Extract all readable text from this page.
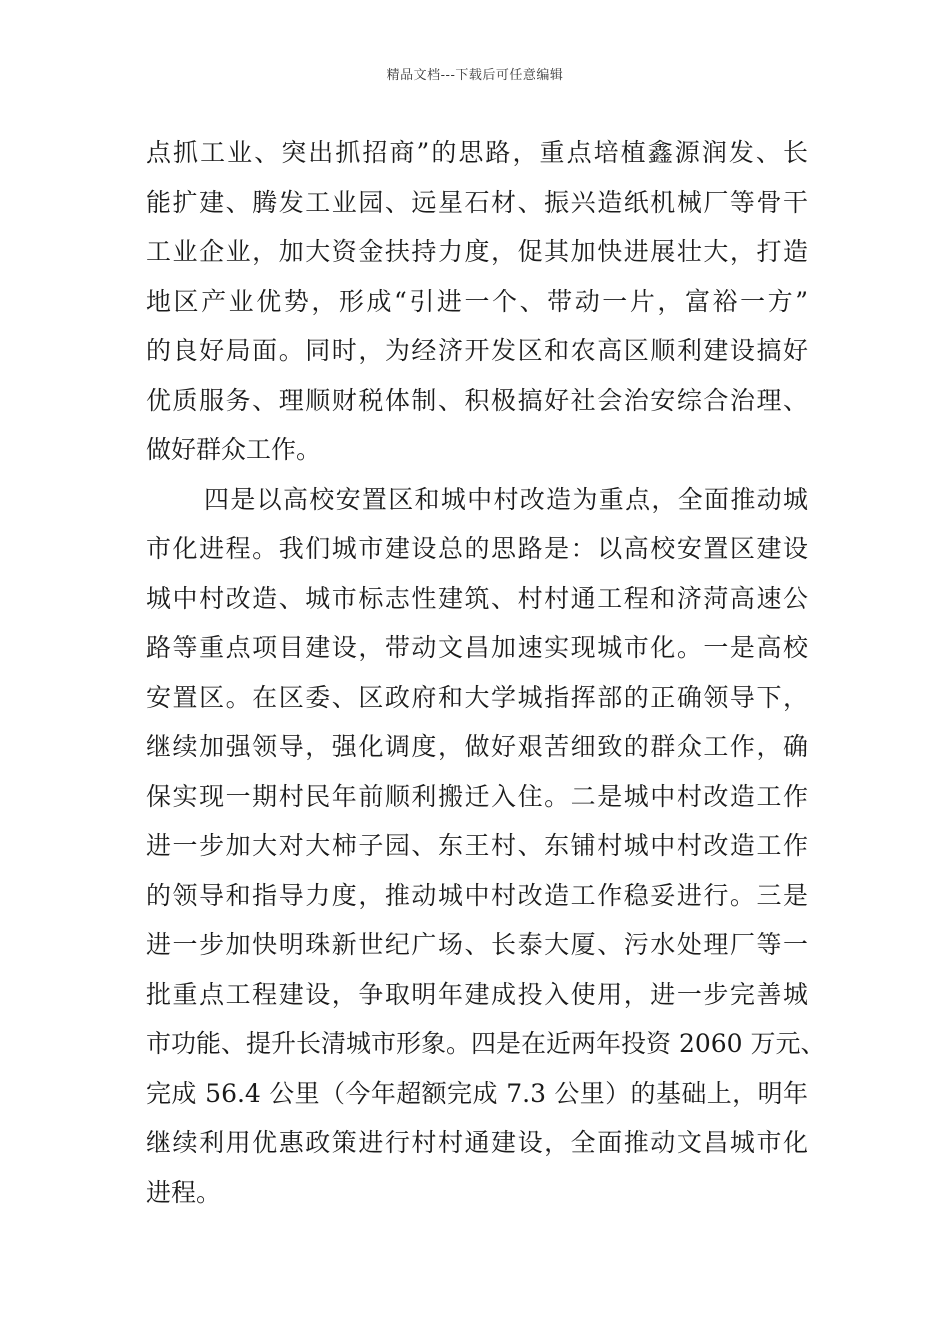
精品文档---下载后可任意编辑
点抓工业、突出抓招商”的思路，重点培植鑫源润发、长
能扩建、腾发工业园、远星石材、振兴造纸机械厂等骨干
工业企业，加大资金扶持力度，促其加快进展壮大，打造
地区产业优势，形成“引进一个、带动一片，富裕一方”
的良好局面。同时，为经济开发区和农高区顺利建设搞好
优质服务、理顺财税体制、积极搞好社会治安综合治理、
做好群众工作。
四是以高校安置区和城中村改造为重点，全面推动城
市化进程。我们城市建设总的思路是：以高校安置区建设
城中村改造、城市标志性建筑、村村通工程和济菏高速公
路等重点项目建设，带动文昌加速实现城市化。一是高校
安置区。在区委、区政府和大学城指挥部的正确领导下，
继续加强领导，强化调度，做好艰苦细致的群众工作，确
保实现一期村民年前顺利搬迁入住。二是城中村改造工作
进一步加大对大柿子园、东王村、东铺村城中村改造工作
的领导和指导力度，推动城中村改造工作稳妥进行。三是
进一步加快明珠新世纪广场、长泰大厦、污水处理厂等一
批重点工程建设，争取明年建成投入使用，进一步完善城
市功能、提升长清城市形象。四是在近两年投资 2060 万元、
完成 56.4 公里（今年超额完成 7.3 公里）的基础上，明年
继续利用优惠政策进行村村通建设，全面推动文昌城市化
进程。
